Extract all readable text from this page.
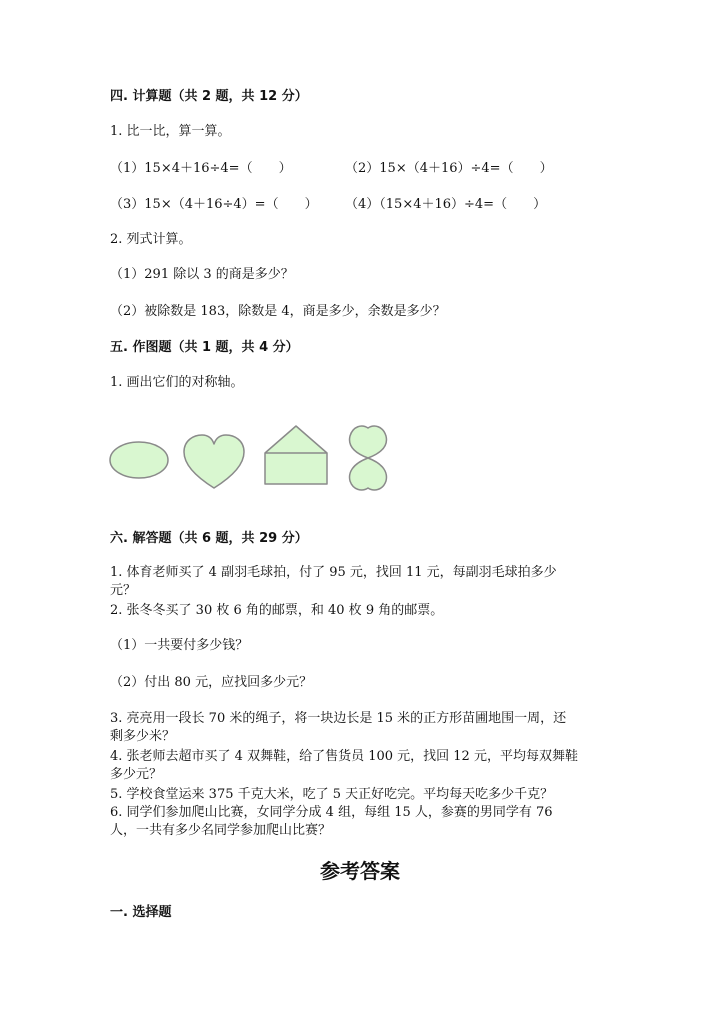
四. 计算题（共 2 题，共 12 分）
1. 比一比，算一算。
（1）15×4＋16÷4=（　　）	（2）15×（4＋16）÷4=（　　）
（3）15×（4＋16÷4）=（　　） （4）（15×4＋16）÷4=（　　）
2. 列式计算。
（1）291 除以 3 的商是多少？
（2）被除数是 183，除数是 4，商是多少，余数是多少？
五. 作图题（共 1 题，共 4 分）
1. 画出它们的对称轴。
六. 解答题（共 6 题，共 29 分）
1. 体育老师买了 4 副羽毛球拍，付了 95 元，找回 11 元，每副羽毛球拍多少
元？
2. 张冬冬买了 30 枚 6 角的邮票，和 40 枚 9 角的邮票。
（1）一共要付多少钱？
（2）付出 80 元，应找回多少元？
3. 亮亮用一段长 70 米的绳子，将一块边长是 15 米的正方形苗圃地围一周，还
剩多少米？
4. 张老师去超市买了 4 双舞鞋，给了售货员 100 元，找回 12 元，平均每双舞鞋
多少元？
5. 学校食堂运来 375 千克大米，吃了 5 天正好吃完。平均每天吃多少千克？
6. 同学们参加爬山比赛，女同学分成 4 组，每组 15 人，参赛的男同学有 76
人，一共有多少名同学参加爬山比赛？
参考答案
一. 选择题
